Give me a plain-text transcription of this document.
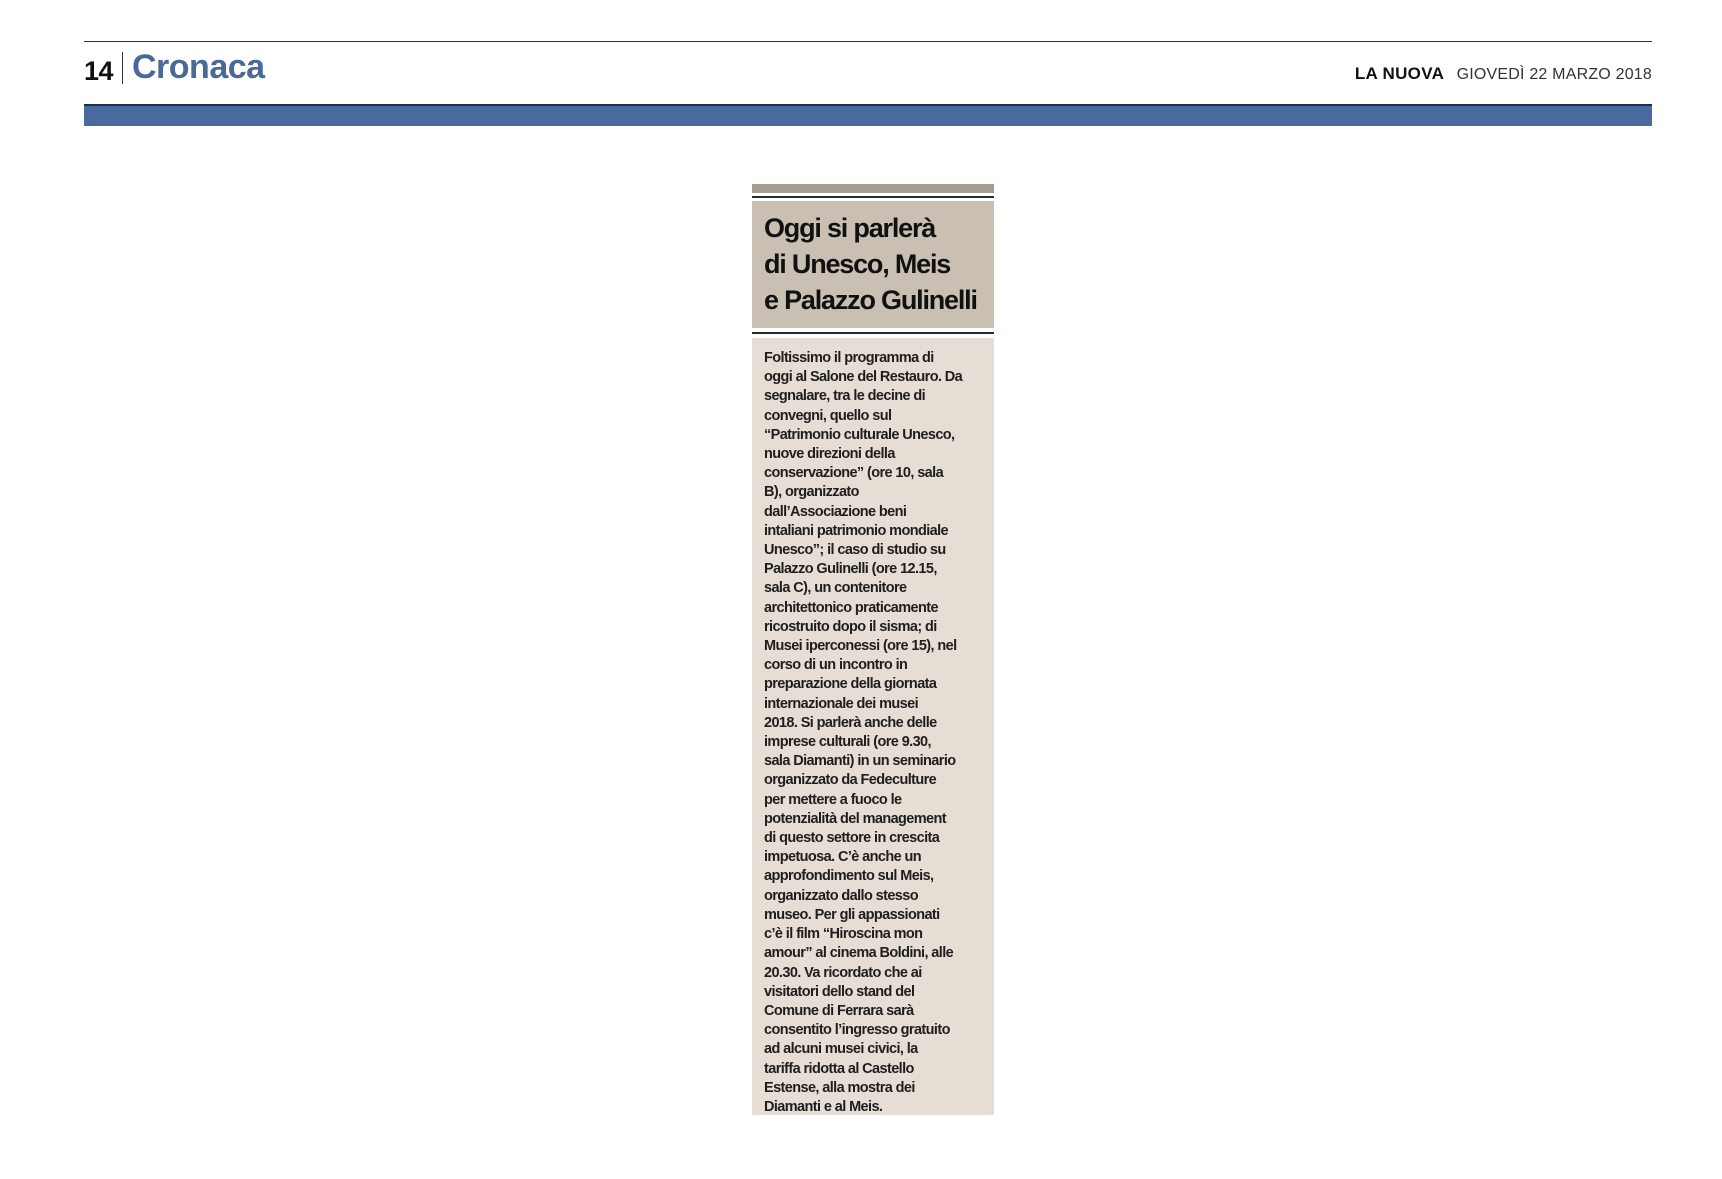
14 Cronaca	LA NUOVA GIOVEDÌ 22 MARZO 2018
Oggi si parlerà
di Unesco, Meis
e Palazzo Gulinelli
Foltissimo il programma di
oggi al Salone del Restauro. Da
segnalare, tra le decine di
convegni, quello sul
“Patrimonio culturale Unesco,
nuove direzioni della
conservazione” (ore 10, sala
B), organizzato
dall’Associazione beni
intaliani patrimonio mondiale
Unesco”; il caso di studio su
Palazzo Gulinelli (ore 12.15,
sala C), un contenitore
architettonico praticamente
ricostruito dopo il sisma; di
Musei iperconessi (ore 15), nel
corso di un incontro in
preparazione della giornata
internazionale dei musei
2018. Si parlerà anche delle
imprese culturali (ore 9.30,
sala Diamanti) in un seminario
organizzato da Fedeculture
per mettere a fuoco le
potenzialità del management
di questo settore in crescita
impetuosa. C’è anche un
approfondimento sul Meis,
organizzato dallo stesso
museo. Per gli appassionati
c’è il film “Hiroscina mon
amour” al cinema Boldini, alle
20.30. Va ricordato che ai
visitatori dello stand del
Comune di Ferrara sarà
consentito l’ingresso gratuito
ad alcuni musei civici, la
tariffa ridotta al Castello
Estense, alla mostra dei
Diamanti e al Meis.
